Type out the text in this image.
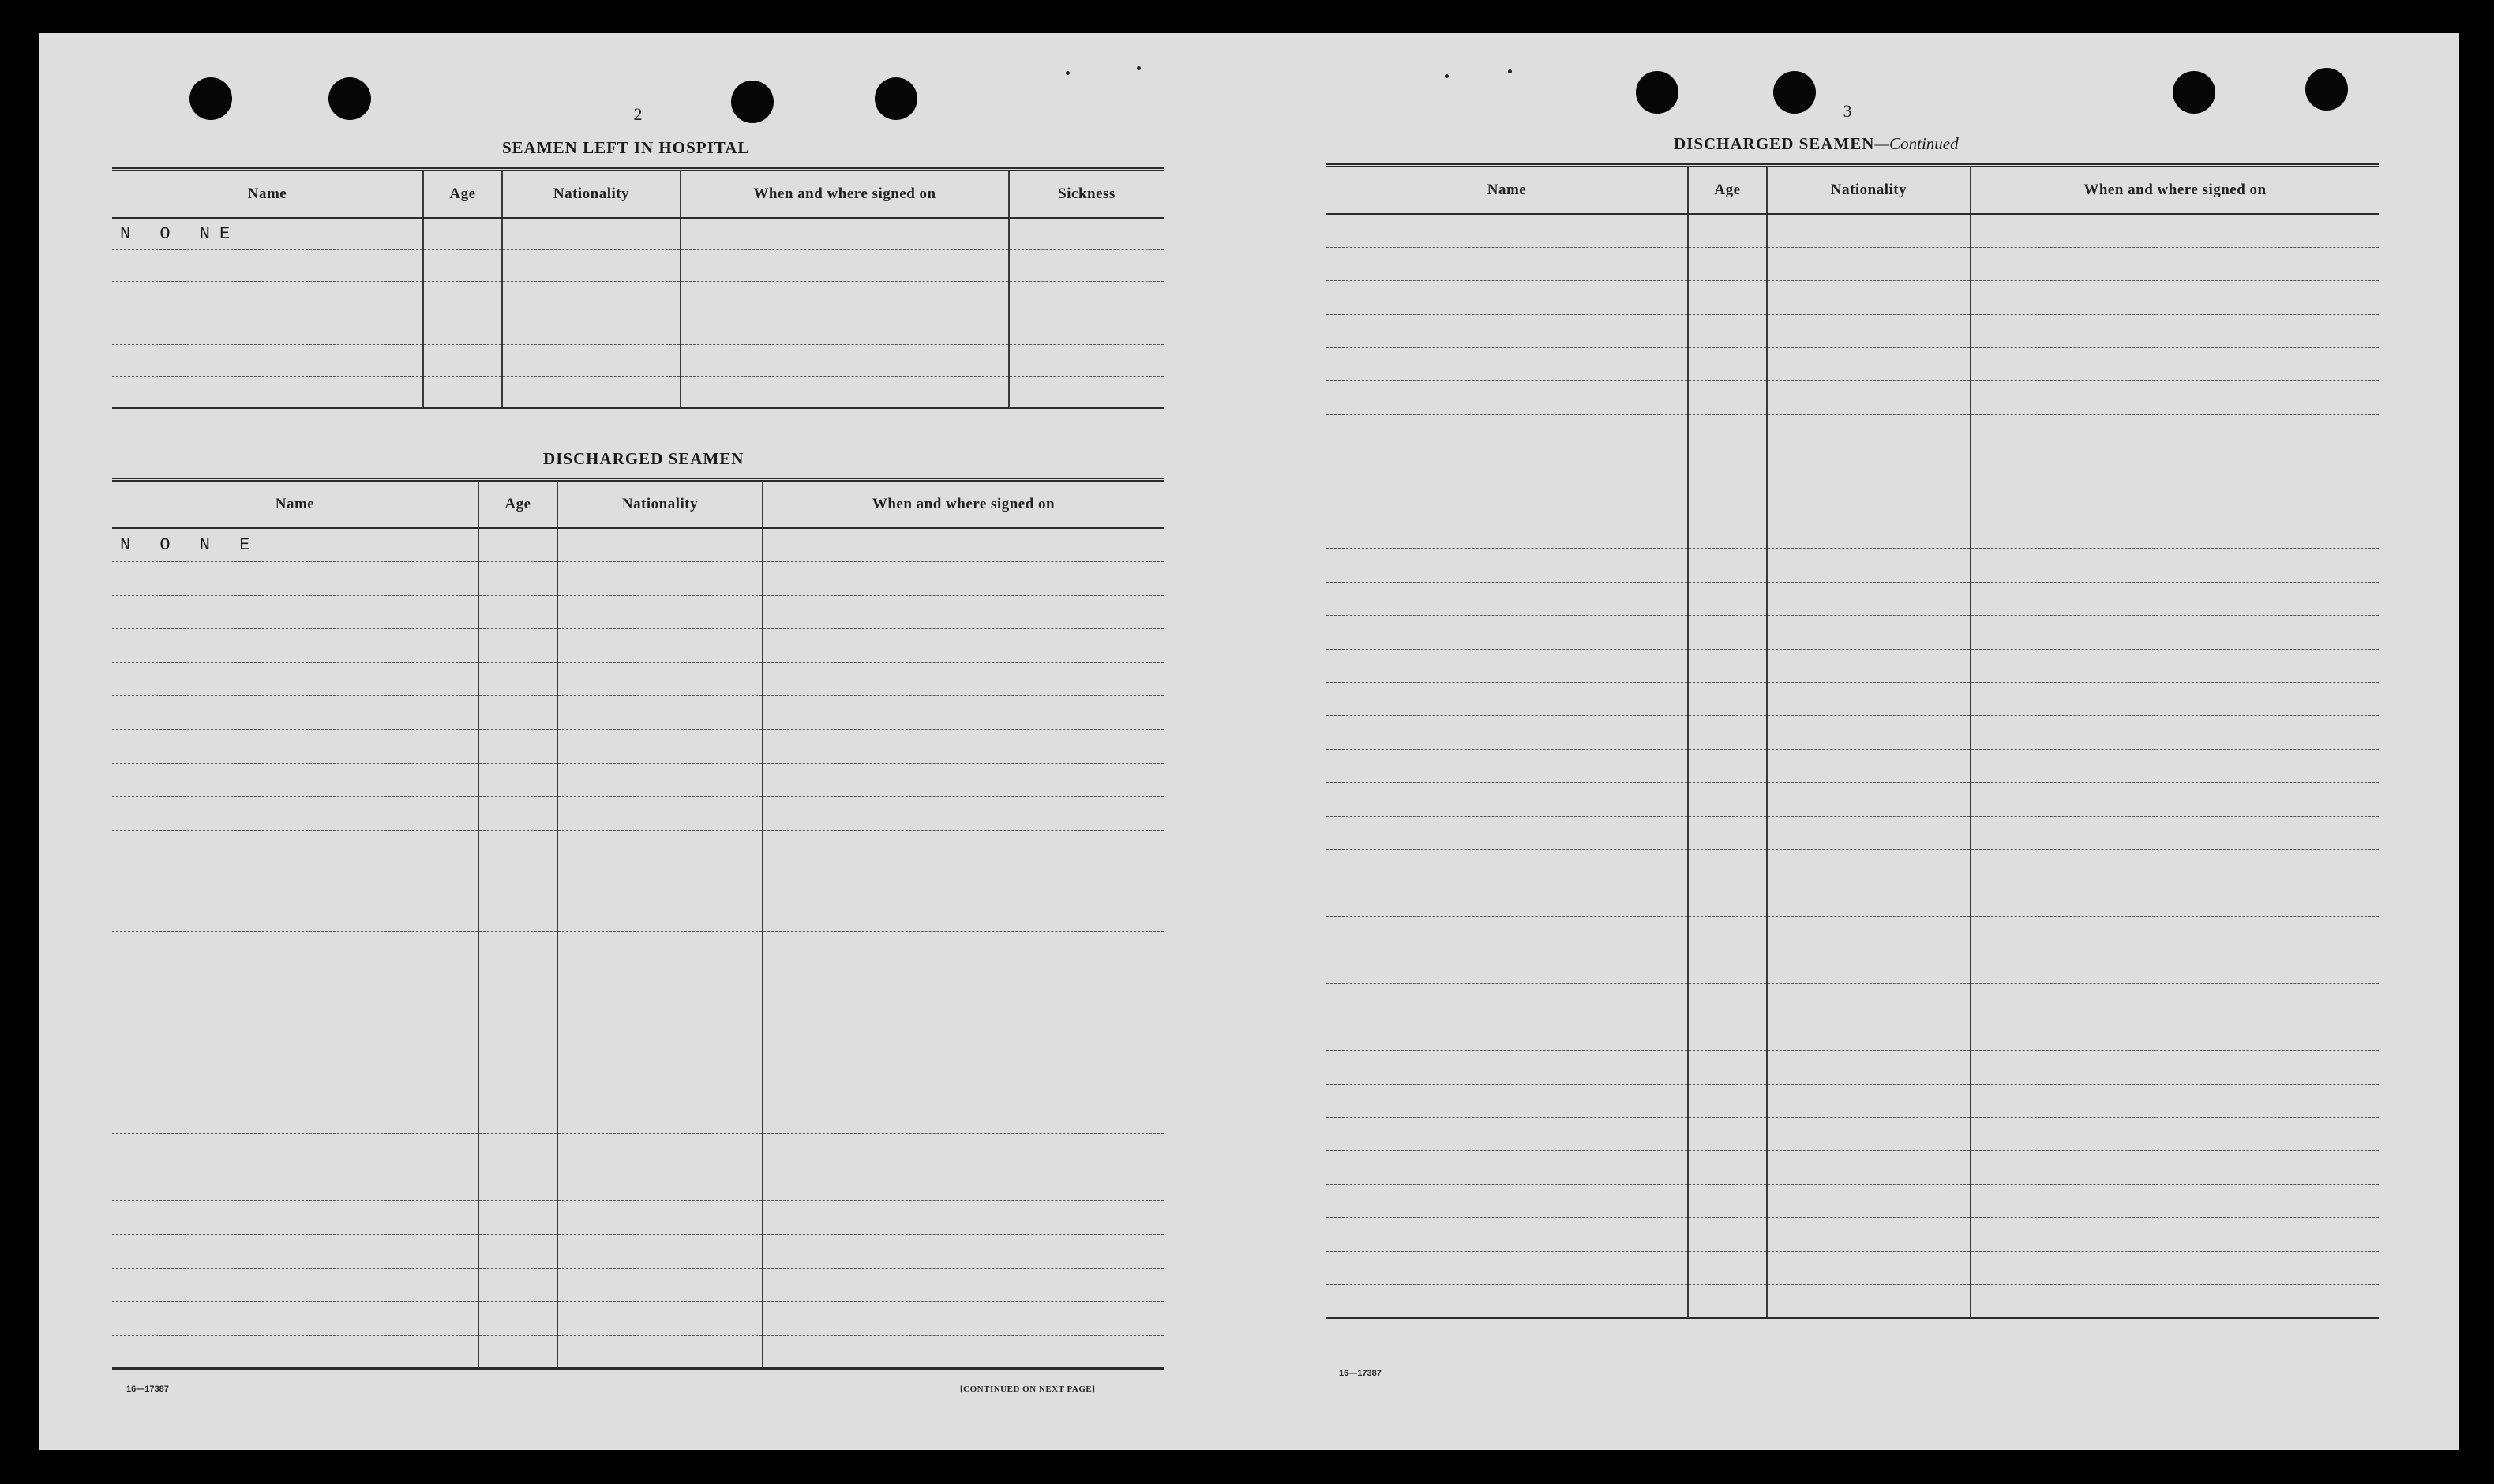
2
SEAMEN LEFT IN HOSPITAL
Name	Age	Nationality	When and where signed on	Sickness
N O NE				

DISCHARGED SEAMEN
Name	Age	Nationality	When and where signed on
N O N E			

16—17387	[CONTINUED ON NEXT PAGE]
3
DISCHARGED SEAMEN—Continued
Name	Age	Nationality	When and where signed on

16—17387
